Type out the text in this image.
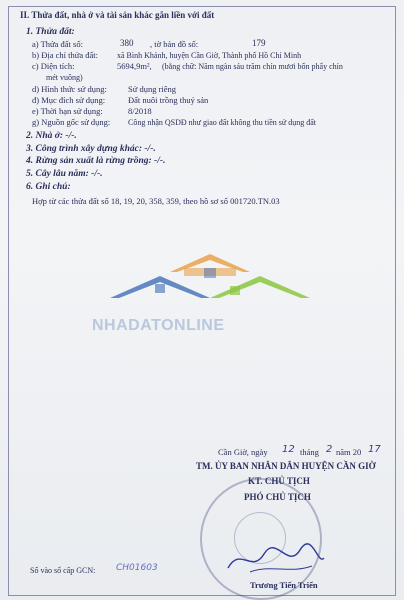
II. Thửa đất, nhà ở và tài sản khác gắn liền với đất
1. Thửa đất:
a) Thửa đất số:	380 , tờ bản đồ số:	179
b) Địa chỉ thửa đất: xã Bình Khánh, huyện Cần Giờ, Thành phố Hồ Chí Minh
c) Diện tích:	5694,9m², (bằng chữ: Năm ngàn sáu trăm chín mươi bốn phẩy chín
mét vuông)
d) Hình thức sử dụng: Sử dụng riêng
đ) Mục đích sử dụng:	Đất nuôi trồng thuỷ sản
e) Thời hạn sử dụng:	8/2018
g) Nguồn gốc sử dụng: Công nhận QSDĐ như giao đất không thu tiền sử dụng đất
2. Nhà ở: -/-.
3. Công trình xây dựng khác: -/-.
4. Rừng sản xuất là rừng trồng: -/-.
5. Cây lâu năm: -/-.
6. Ghi chú:
Hợp từ các thửa đất số 18, 19, 20, 358, 359, theo hồ sơ số 001720.TN.03
NHADATONLINE
Cần Giờ, ngày 12 tháng 2 năm 20 17
TM. ỦY BAN NHÂN DÂN HUYỆN CẦN GIỜ
KT. CHỦ TỊCH
PHÓ CHỦ TỊCH
Trương Tiến Triển
Số vào sổ cấp GCN: CH01603
